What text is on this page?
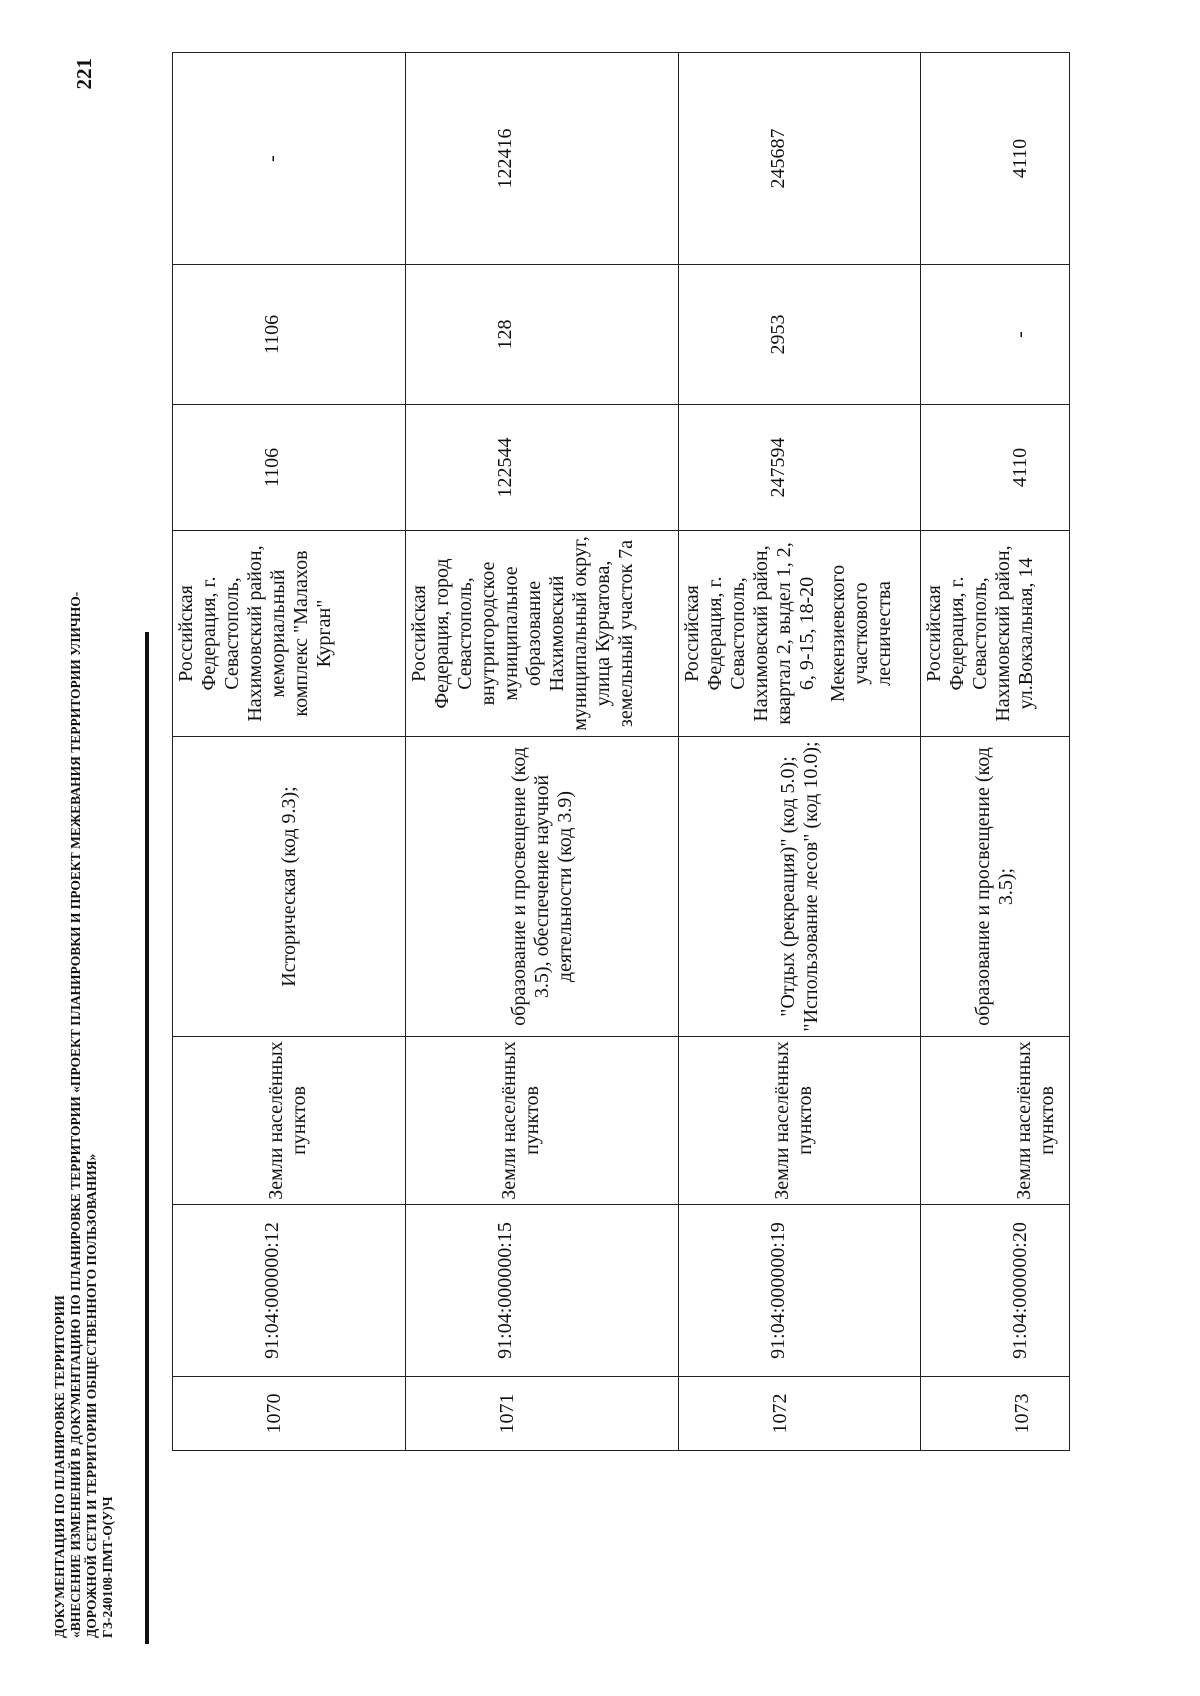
221
ДОКУМЕНТАЦИЯ ПО ПЛАНИРОВКЕ ТЕРРИТОРИИ «ВНЕСЕНИЕ ИЗМЕНЕНИЙ В ДОКУМЕНТАЦИЮ ПО ПЛАНИРОВКЕ ТЕРРИТОРИИ «ПРОЕКТ ПЛАНИРОВКИ И ПРОЕКТ МЕЖЕВАНИЯ ТЕРРИТОРИИ УЛИЧНО- ДОРОЖНОЙ СЕТИ И ТЕРРИТОРИИ ОБЩЕСТВЕННОГО ПОЛЬЗОВАНИЯ» ГЗ-240108-ПМТ-О(У)Ч
1070	91:04:000000:12	Земли населённых пунктов	Историческая (код 9.3);	Российская Федерация, г. Севастополь, Нахимовский район, мемориальный комплекс "Малахов Курган"	1106	1106	-
1071	91:04:000000:15	Земли населённых пунктов	образование и просвещение (код 3.5), обеспечение научной деятельности (код 3.9)	Российская Федерация, город Севастополь, внутригородское муниципальное образование Нахимовский муниципальный округ, улица Курчатова, земельный участок 7а	122544	128	122416
1072	91:04:000000:19	Земли населённых пунктов	"Отдых (рекреация)" (код 5.0); "Использование лесов" (код 10.0);	Российская Федерация, г. Севастополь, Нахимовский район, квартал 2, выдел 1, 2, 6, 9-15, 18-20 Мекензиевского участкового лесничества	247594	2953	245687
1073	91:04:000000:20	Земли населённых пунктов	образование и просвещение (код 3.5);	Российская Федерация, г. Севастополь, Нахимовский район, ул.Вокзальная, 14	4110	-	4110
